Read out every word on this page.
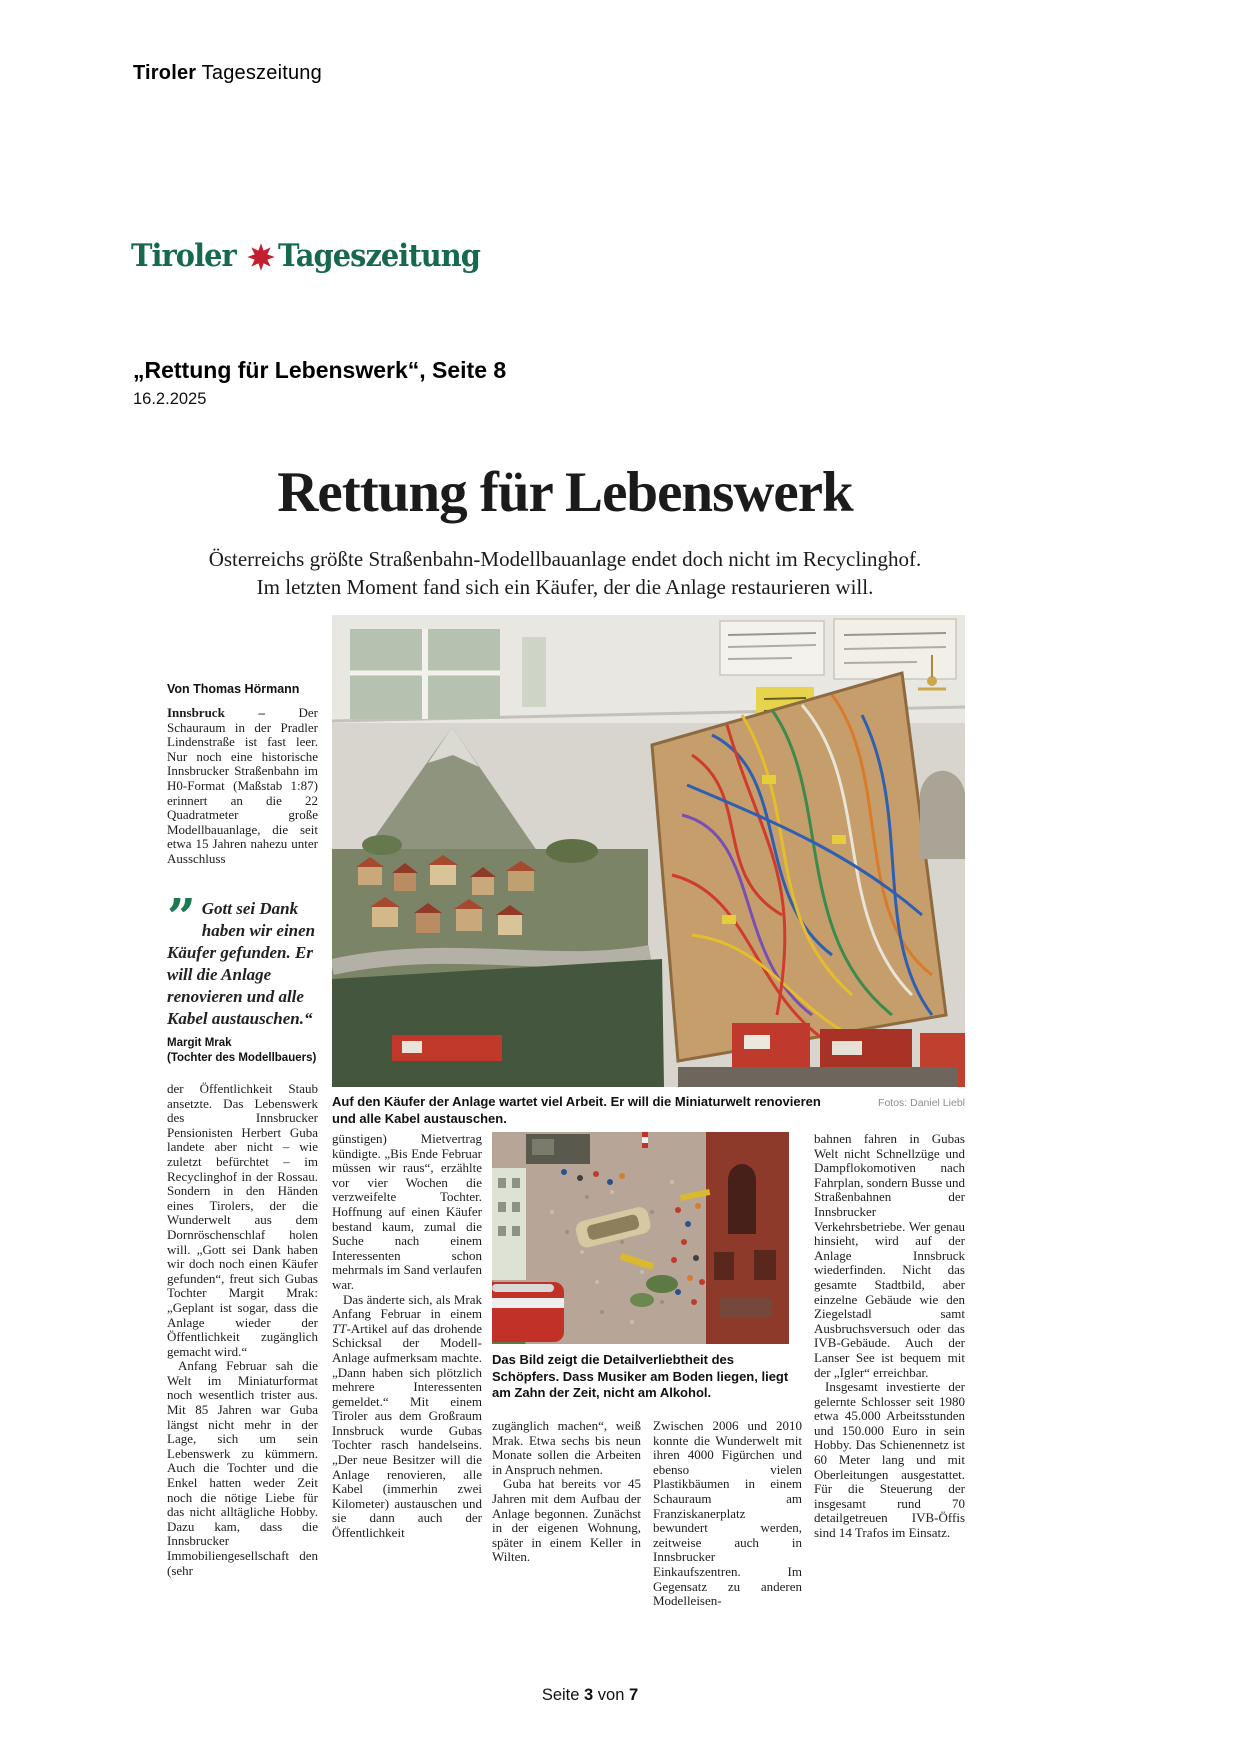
Tiroler Tageszeitung
Tiroler Tageszeitung
„Rettung für Lebenswerk“, Seite 8
16.2.2025
Rettung für Lebenswerk
Österreichs größte Straßenbahn-Modellbauanlage endet doch nicht im Recyclinghof.
Im letzten Moment fand sich ein Käufer, der die Anlage restaurieren will.
Von Thomas Hörmann

Innsbruck –	Der Schauraum in der Pradler Lindenstraße ist fast leer. Nur noch eine historische Innsbrucker Straßenbahn im H0-Format (Maßstab 1:87) erinnert an die 22 Quadratmeter große Modellbauanlage, die seit etwa 15 Jahren nahezu unter Ausschluss

” Gott sei Dank haben wir einen Käufer gefunden. Er will die Anlage renovieren und alle Kabel austauschen.“
Margit Mrak
(Tochter des Modellbauers)

der Öffentlichkeit Staub ansetzte. Das Lebenswerk des Innsbrucker Pensionisten Herbert Guba landete aber nicht – wie zuletzt befürchtet – im Recyclinghof in der Rossau. Sondern in den Händen eines Tirolers, der die Wunderwelt aus dem Dornröschenschlaf holen will. „Gott sei Dank haben wir doch noch einen Käufer gefunden“, freut sich Gubas Tochter Margit Mrak: „Geplant ist sogar, dass die Anlage wieder der Öffentlichkeit zugänglich gemacht wird.“

Anfang Februar sah die Welt im Miniaturformat noch wesentlich trister aus. Mit 85 Jahren war Guba längst nicht mehr in der Lage, sich um sein Lebenswerk zu kümmern. Auch die Tochter und die Enkel hatten weder Zeit noch die nötige Liebe für das nicht alltägliche Hobby. Dazu kam, dass die Innsbrucker Immobiliengesellschaft den (sehr

Auf den Käufer der Anlage wartet viel Arbeit. Er will die Miniaturwelt renovieren und alle Kabel austauschen.
Fotos: Daniel Liebl

günstigen) Mietvertrag kündigte. „Bis Ende Februar müssen wir raus“, erzählte vor vier Wochen die verzweifelte Tochter. Hoffnung auf einen Käufer bestand kaum, zumal die Suche nach einem Interessenten schon mehrmals im Sand verlaufen war.

Das änderte sich, als Mrak Anfang Februar in einem TT-Artikel auf das drohende Schicksal der Modell-Anlage aufmerksam machte. „Dann haben sich plötzlich mehrere Interessenten gemeldet.“ Mit einem Tiroler aus dem Großraum Innsbruck wurde Gubas Tochter rasch handelseins. „Der neue Besitzer will die Anlage renovieren, alle Kabel (immerhin zwei Kilometer) austauschen und sie dann auch der Öffentlichkeit

Das Bild zeigt die Detailverliebtheit des Schöpfers. Dass Musiker am Boden liegen, liegt am Zahn der Zeit, nicht am Alkohol.

zugänglich machen“, weiß Mrak. Etwa sechs bis neun Monate sollen die Arbeiten in Anspruch nehmen.

Guba hat bereits vor 45 Jahren mit dem Aufbau der Anlage begonnen. Zunächst in der eigenen Wohnung, später in einem Keller in Wilten.

Zwischen 2006 und 2010 konnte die Wunderwelt mit ihren 4000 Figürchen und ebenso vielen Plastikbäumen in einem Schauraum am Franziskanerplatz bewundert werden, zeitweise auch in Innsbrucker Einkaufszentren. Im Gegensatz zu anderen Modelleisen-

bahnen fahren in Gubas Welt nicht Schnellzüge und Dampflokomotiven nach Fahrplan, sondern Busse und Straßenbahnen der Innsbrucker Verkehrsbetriebe. Wer genau hinsieht, wird auf der Anlage Innsbruck wiederfinden. Nicht das gesamte Stadtbild, aber einzelne Gebäude wie den Ziegelstadl samt Ausbruchsversuch oder das IVB-Gebäude. Auch der Lanser See ist bequem mit der „Igler“ erreichbar.

Insgesamt investierte der gelernte Schlosser seit 1980 etwa 45.000 Arbeitsstunden und 150.000 Euro in sein Hobby. Das Schienennetz ist 60 Meter lang und mit Oberleitungen ausgestattet. Für die Steuerung der insgesamt rund 70 detailgetreuen IVB-Öffis sind 14 Trafos im Einsatz.

Seite 3 von 7
